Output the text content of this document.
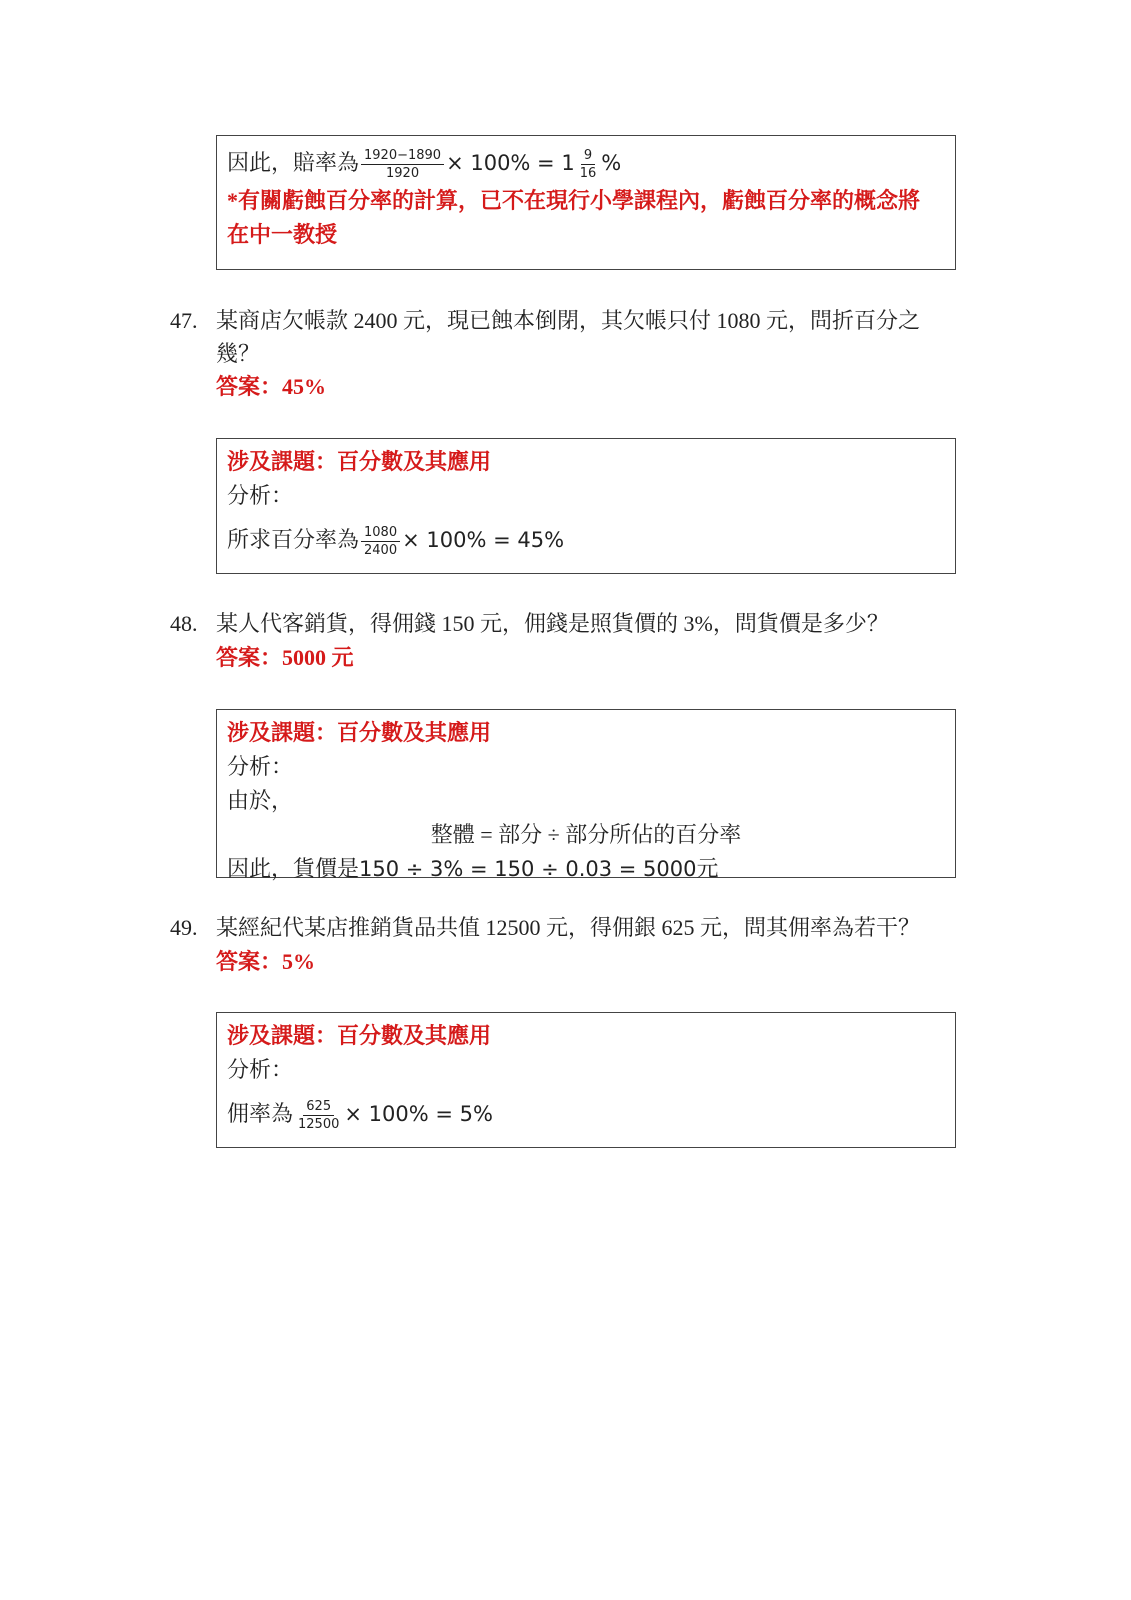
因此，賠率為 $\frac{1920-1890}{1920} \times 100\% = 1 \frac{9}{16}$ %
*有關虧蝕百分率的計算，已不在現行小學課程內，虧蝕百分率的概念將
在中一教授
47. 某商店欠帳款 2400 元，現已蝕本倒閉，其欠帳只付 1080 元，問折百分之
幾？
答案：45%
涉及課題：百分數及其應用
分析：
所求百分率為 $\frac{1080}{2400} \times 100\% = 45\%$
48. 某人代客銷貨，得佣錢 150 元，佣錢是照貨價的 3%，問貨價是多少？
答案：5000 元
涉及課題：百分數及其應用
分析：
由於，
整體 = 部分 ÷ 部分所佔的百分率
因此，貨價是150 ÷ 3% = 150 ÷ 0.03 = 5000元
49. 某經紀代某店推銷貨品共值 12500 元，得佣銀 625 元，問其佣率為若干？
答案：5%
涉及課題：百分數及其應用
分析：
佣率為 $\frac{625}{12500} \times 100\% = 5\%$
